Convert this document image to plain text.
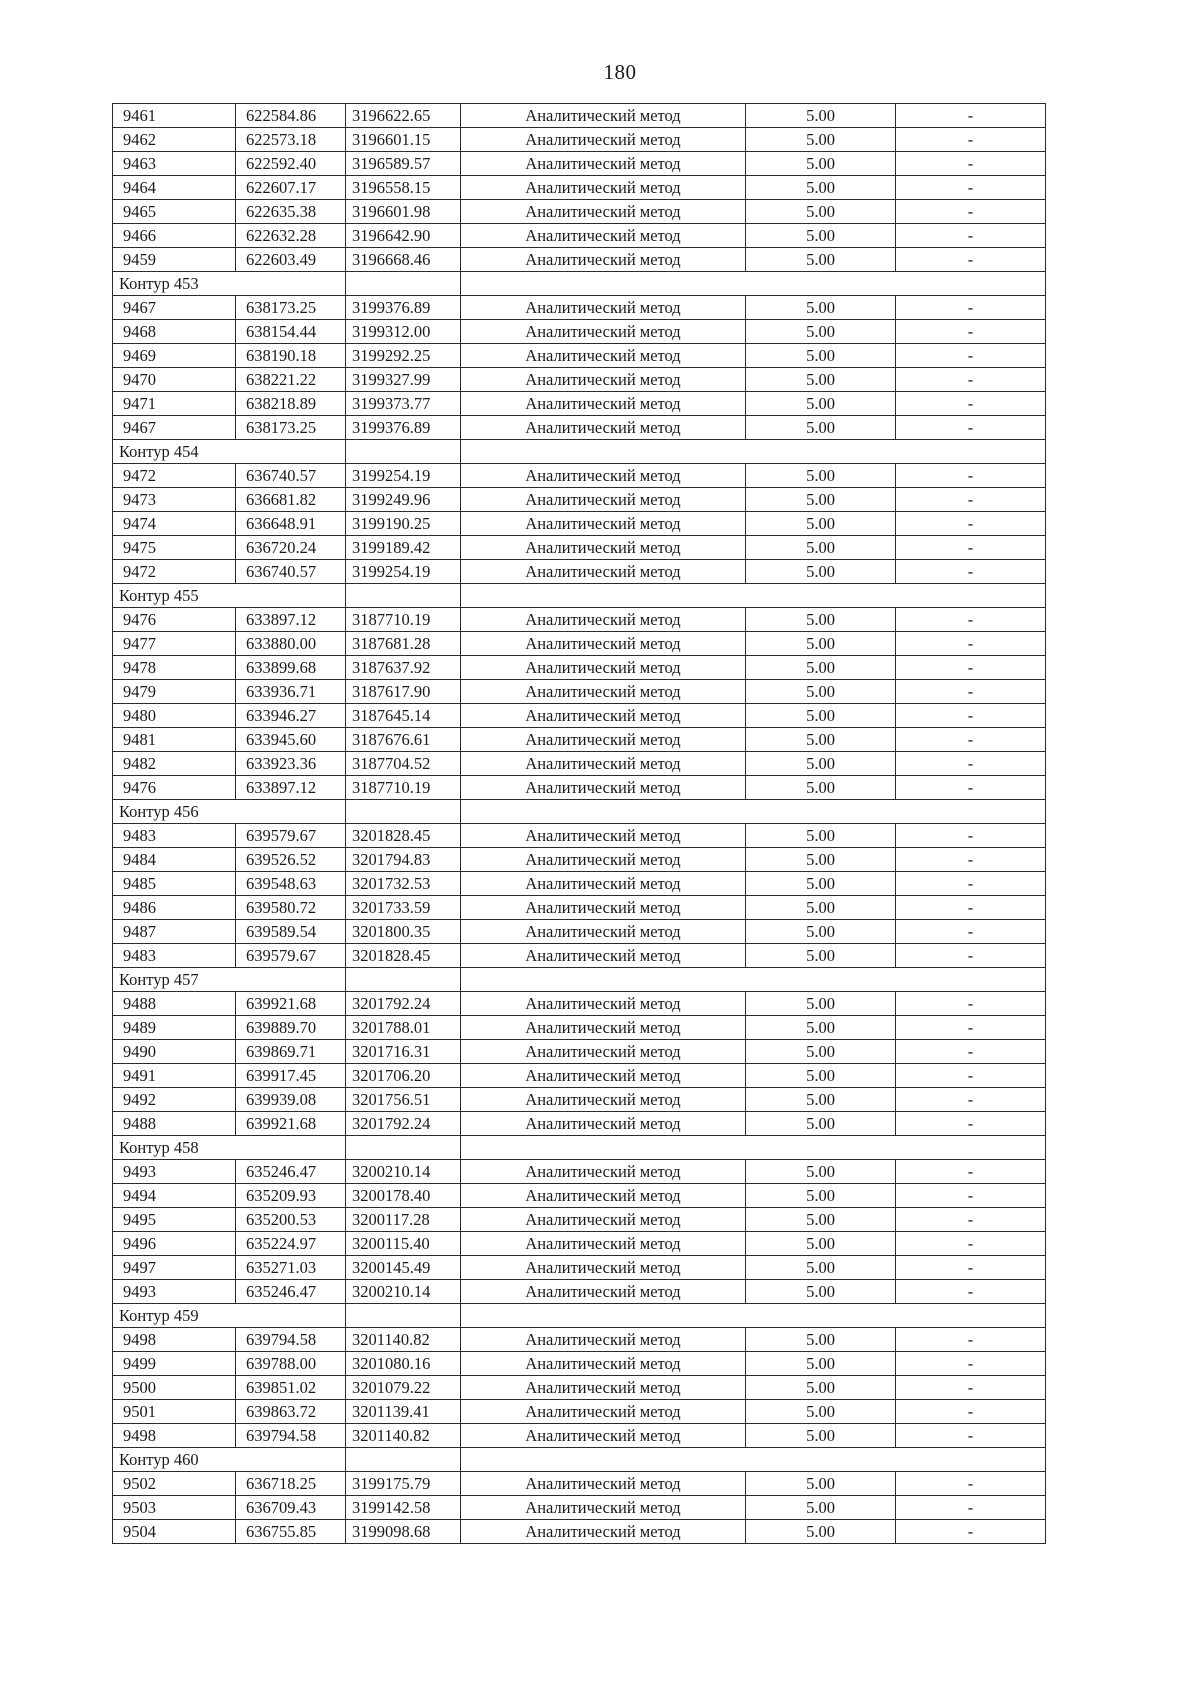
180
9461	622584.86	3196622.65	Аналитический метод	5.00	-
9462	622573.18	3196601.15	Аналитический метод	5.00	-
9463	622592.40	3196589.57	Аналитический метод	5.00	-
9464	622607.17	3196558.15	Аналитический метод	5.00	-
9465	622635.38	3196601.98	Аналитический метод	5.00	-
9466	622632.28	3196642.90	Аналитический метод	5.00	-
9459	622603.49	3196668.46	Аналитический метод	5.00	-
Контур 453					
9467	638173.25	3199376.89	Аналитический метод	5.00	-
9468	638154.44	3199312.00	Аналитический метод	5.00	-
9469	638190.18	3199292.25	Аналитический метод	5.00	-
9470	638221.22	3199327.99	Аналитический метод	5.00	-
9471	638218.89	3199373.77	Аналитический метод	5.00	-
9467	638173.25	3199376.89	Аналитический метод	5.00	-
Контур 454					
9472	636740.57	3199254.19	Аналитический метод	5.00	-
9473	636681.82	3199249.96	Аналитический метод	5.00	-
9474	636648.91	3199190.25	Аналитический метод	5.00	-
9475	636720.24	3199189.42	Аналитический метод	5.00	-
9472	636740.57	3199254.19	Аналитический метод	5.00	-
Контур 455					
9476	633897.12	3187710.19	Аналитический метод	5.00	-
9477	633880.00	3187681.28	Аналитический метод	5.00	-
9478	633899.68	3187637.92	Аналитический метод	5.00	-
9479	633936.71	3187617.90	Аналитический метод	5.00	-
9480	633946.27	3187645.14	Аналитический метод	5.00	-
9481	633945.60	3187676.61	Аналитический метод	5.00	-
9482	633923.36	3187704.52	Аналитический метод	5.00	-
9476	633897.12	3187710.19	Аналитический метод	5.00	-
Контур 456					
9483	639579.67	3201828.45	Аналитический метод	5.00	-
9484	639526.52	3201794.83	Аналитический метод	5.00	-
9485	639548.63	3201732.53	Аналитический метод	5.00	-
9486	639580.72	3201733.59	Аналитический метод	5.00	-
9487	639589.54	3201800.35	Аналитический метод	5.00	-
9483	639579.67	3201828.45	Аналитический метод	5.00	-
Контур 457					
9488	639921.68	3201792.24	Аналитический метод	5.00	-
9489	639889.70	3201788.01	Аналитический метод	5.00	-
9490	639869.71	3201716.31	Аналитический метод	5.00	-
9491	639917.45	3201706.20	Аналитический метод	5.00	-
9492	639939.08	3201756.51	Аналитический метод	5.00	-
9488	639921.68	3201792.24	Аналитический метод	5.00	-
Контур 458					
9493	635246.47	3200210.14	Аналитический метод	5.00	-
9494	635209.93	3200178.40	Аналитический метод	5.00	-
9495	635200.53	3200117.28	Аналитический метод	5.00	-
9496	635224.97	3200115.40	Аналитический метод	5.00	-
9497	635271.03	3200145.49	Аналитический метод	5.00	-
9493	635246.47	3200210.14	Аналитический метод	5.00	-
Контур 459					
9498	639794.58	3201140.82	Аналитический метод	5.00	-
9499	639788.00	3201080.16	Аналитический метод	5.00	-
9500	639851.02	3201079.22	Аналитический метод	5.00	-
9501	639863.72	3201139.41	Аналитический метод	5.00	-
9498	639794.58	3201140.82	Аналитический метод	5.00	-
Контур 460					
9502	636718.25	3199175.79	Аналитический метод	5.00	-
9503	636709.43	3199142.58	Аналитический метод	5.00	-
9504	636755.85	3199098.68	Аналитический метод	5.00	-
